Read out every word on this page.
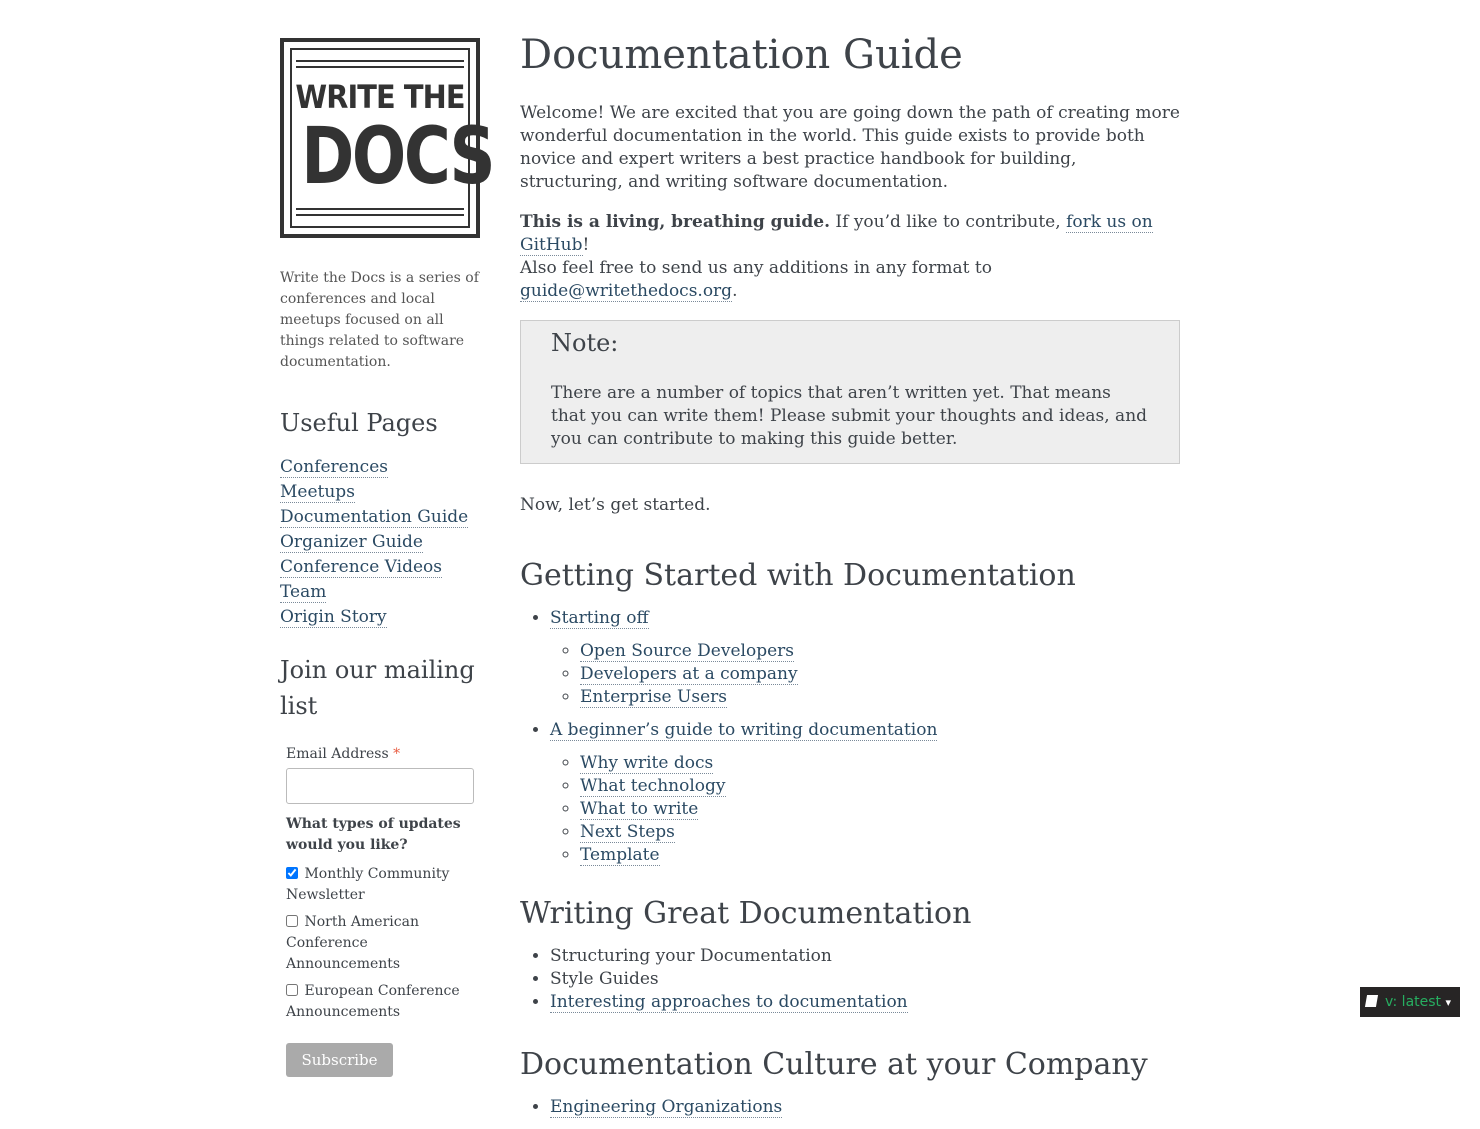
WRITE THE
DOCS
Write the Docs is a series of conferences and local meetups focused on all things related to software documentation.
Useful Pages
Conferences
Meetups
Documentation Guide
Organizer Guide
Conference Videos
Team
Origin Story
Join our mailing list
Email Address *
What types of updates would you like?
Monthly Community Newsletter
North American Conference Announcements
European Conference Announcements
Subscribe
Documentation Guide

Welcome! We are excited that you are going down the path of creating more wonderful documentation in the world. This guide exists to provide both novice and expert writers a best practice handbook for building, structuring, and writing software documentation.

This is a living, breathing guide. If you’d like to contribute, fork us on GitHub!
Also feel free to send us any additions in any format to guide@writethedocs.org.

Note:

There are a number of topics that aren’t written yet. That means that you can write them! Please submit your thoughts and ideas, and you can contribute to making this guide better.

Now, let’s get started.

Getting Started with Documentation
• Starting off
◦ Open Source Developers
◦ Developers at a company
◦ Enterprise Users
• A beginner’s guide to writing documentation
◦ Why write docs
◦ What technology
◦ What to write
◦ Next Steps
◦ Template
Writing Great Documentation
• Structuring your Documentation
• Style Guides
• Interesting approaches to documentation
Documentation Culture at your Company
• Engineering Organizations
v: latest ▾
